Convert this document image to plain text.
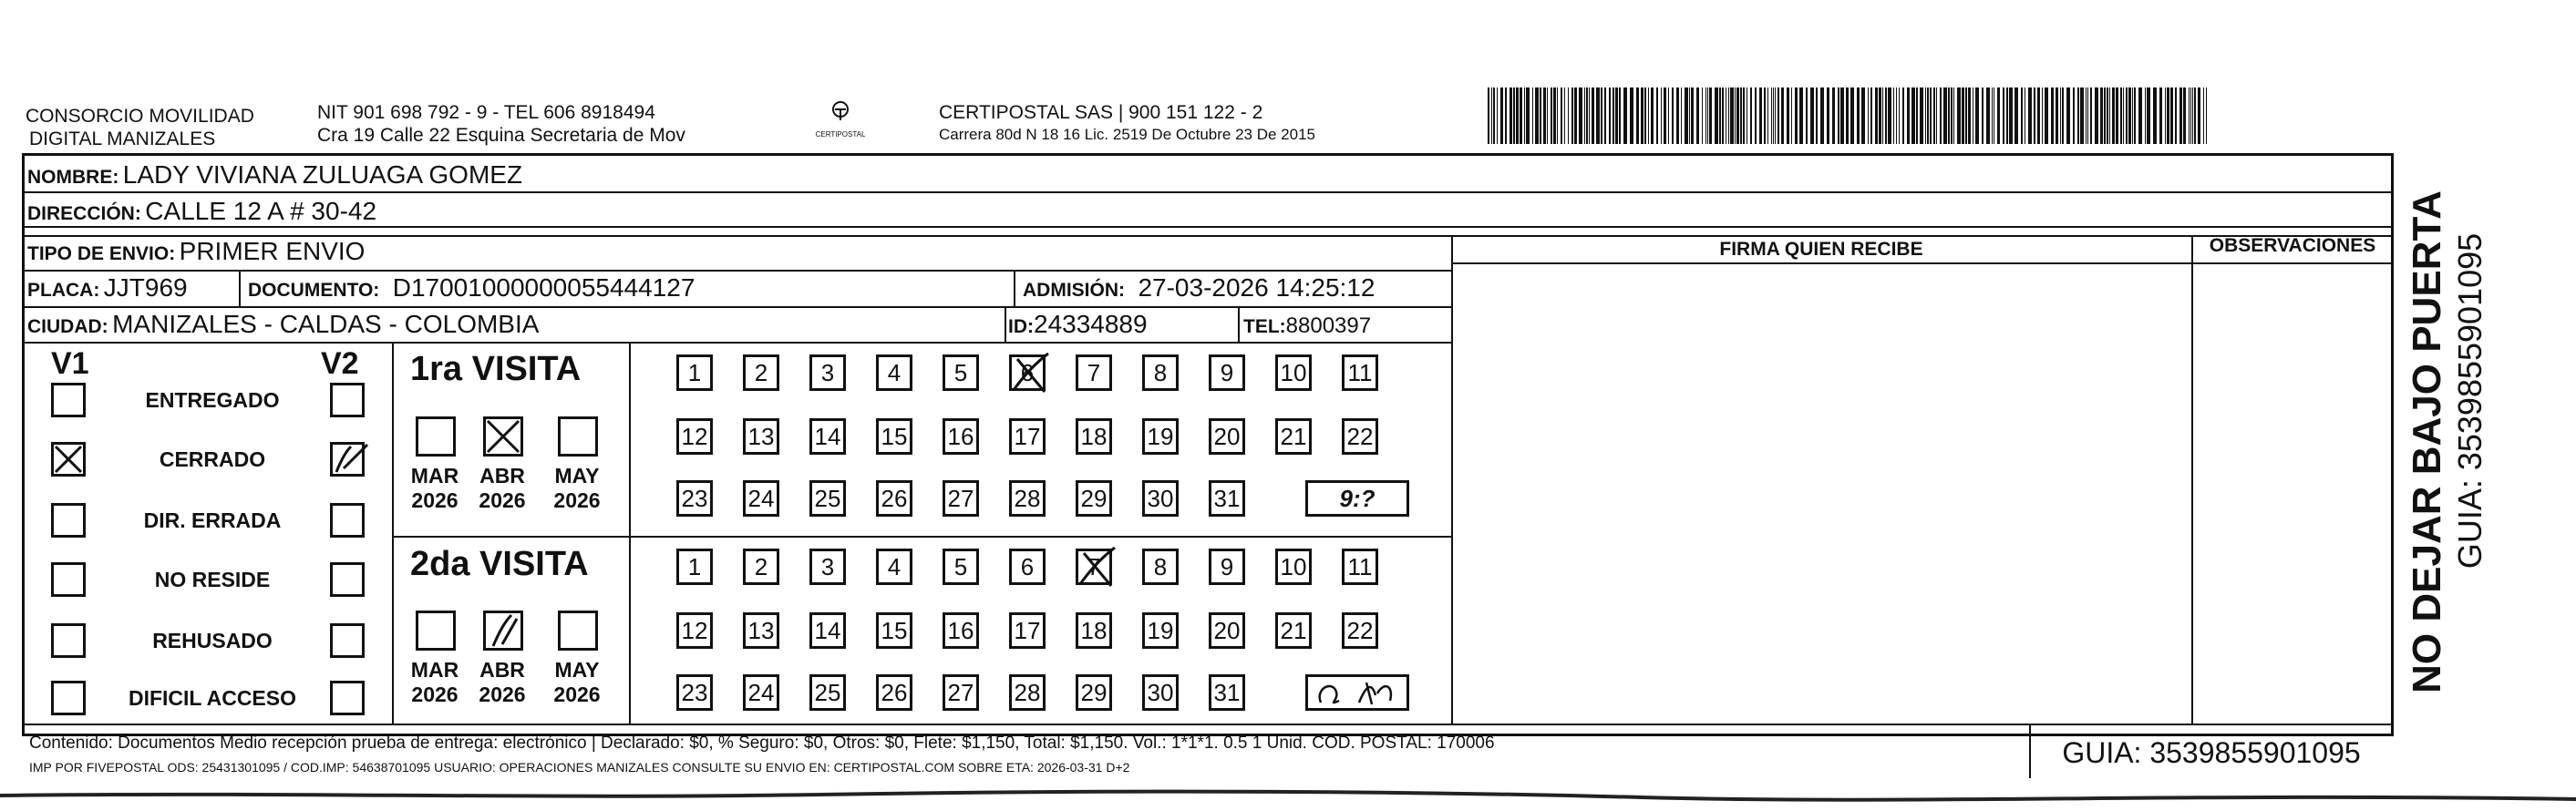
CONSORCIO MOVILIDAD
DIGITAL MANIZALES
NIT 901 698 792 - 9 - TEL 606 8918494
Cra 19 Calle 22 Esquina Secretaria de Mov	CERTIPOSTAL
CERTIPOSTAL SAS | 900 151 122 - 2
Carrera 80d N 18 16 Lic. 2519 De Octubre 23 De 2015
NOMBRE: LADY VIVIANA ZULUAGA GOMEZ
DIRECCIÓN: CALLE 12 A # 30-42
TIPO DE ENVIO: PRIMER ENVIO
PLACA: JJT969	DOCUMENTO: D17001000000055444127	ADMISIÓN: 27-03-2026 14:25:12
CIUDAD: MANIZALES - CALDAS - COLOMBIA	ID:24334889	TEL:8800397
FIRMA QUIEN RECIBE	OBSERVACIONES
V1	V2
ENTREGADO
CERRADO
DIR. ERRADA
NO RESIDE
REHUSADO
DIFICIL ACCESO
1ra VISITA
2da VISITA
MAR
2026
ABR
2026
MAY
2026
1	2	3	4	5	6	7	8	9	10 11
12 13 14 15 16 17 18 19 20 21 22
23 24 25 26 27 28 29 30 31	9:?
MAR
2026
ABR
2026
MAY
2026
1	2	3	4	5	6	7	8	9	10 11
12 13 14 15 16 17 18 19 20 21 22
23 24 25 26 27 28 29 30 31
Contenido: Documentos Medio recepción prueba de entrega: electrónico | Declarado: $0, % Seguro: $0, Otros: $0, Flete: $1,150, Total: $1,150. Vol.: 1*1*1. 0.5 1 Unid. COD. POSTAL: 170006
IMP POR FIVEPOSTAL ODS: 25431301095 / COD.IMP: 54638701095 USUARIO: OPERACIONES MANIZALES CONSULTE SU ENVIO EN: CERTIPOSTAL.COM SOBRE ETA: 2026-03-31 D+2	GUIA: 3539855901095
NO DEJAR BAJO PUERTA GUIA: 3539855901095
